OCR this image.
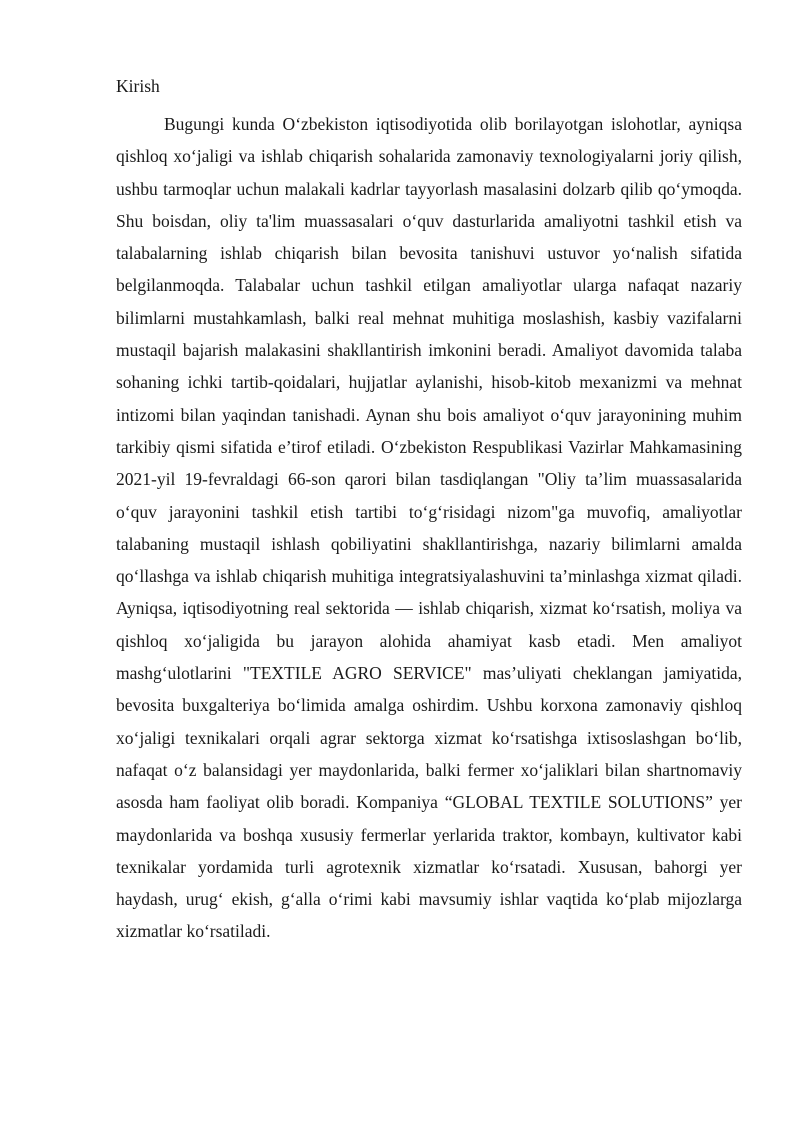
Kirish

Bugungi kunda O‘zbekiston iqtisodiyotida olib borilayotgan islohotlar, ayniqsa qishloq xo‘jaligi va ishlab chiqarish sohalarida zamonaviy texnologiyalarni joriy qilish, ushbu tarmoqlar uchun malakali kadrlar tayyorlash masalasini dolzarb qilib qo‘ymoqda. Shu boisdan, oliy ta'lim muassasalari o‘quv dasturlarida amaliyotni tashkil etish va talabalarning ishlab chiqarish bilan bevosita tanishuvi ustuvor yo‘nalish sifatida belgilanmoqda. Talabalar uchun tashkil etilgan amaliyotlar ularga nafaqat nazariy bilimlarni mustahkamlash, balki real mehnat muhitiga moslashish, kasbiy vazifalarni mustaqil bajarish malakasini shakllantirish imkonini beradi. Amaliyot davomida talaba sohaning ichki tartib-qoidalari, hujjatlar aylanishi, hisob-kitob mexanizmi va mehnat intizomi bilan yaqindan tanishadi. Aynan shu bois amaliyot o‘quv jarayonining muhim tarkibiy qismi sifatida e’tirof etiladi. O‘zbekiston Respublikasi Vazirlar Mahkamasining 2021-yil 19-fevraldagi 66-son qarori bilan tasdiqlangan "Oliy ta’lim muassasalarida o‘quv jarayonini tashkil etish tartibi to‘g‘risidagi nizom"ga muvofiq, amaliyotlar talabaning mustaqil ishlash qobiliyatini shakllantirishga, nazariy bilimlarni amalda qo‘llashga va ishlab chiqarish muhitiga integratsiyalashuvini ta’minlashga xizmat qiladi. Ayniqsa, iqtisodiyotning real sektorida — ishlab chiqarish, xizmat ko‘rsatish, moliya va qishloq xo‘jaligida bu jarayon alohida ahamiyat kasb etadi. Men amaliyot mashg‘ulotlarini "TEXTILE AGRO SERVICE" mas’uliyati cheklangan jamiyatida, bevosita buxgalteriya bo‘limida amalga oshirdim. Ushbu korxona zamonaviy qishloq xo‘jaligi texnikalari orqali agrar sektorga xizmat ko‘rsatishga ixtisoslashgan bo‘lib, nafaqat o‘z balansidagi yer maydonlarida, balki fermer xo‘jaliklari bilan shartnomaviy asosda ham faoliyat olib boradi. Kompaniya “GLOBAL TEXTILE SOLUTIONS” yer maydonlarida va boshqa xususiy fermerlar yerlarida traktor, kombayn, kultivator kabi texnikalar yordamida turli agrotexnik xizmatlar ko‘rsatadi. Xususan, bahorgi yer haydash, urug‘ ekish, g‘alla o‘rimi kabi mavsumiy ishlar vaqtida ko‘plab mijozlarga xizmatlar ko‘rsatiladi.
